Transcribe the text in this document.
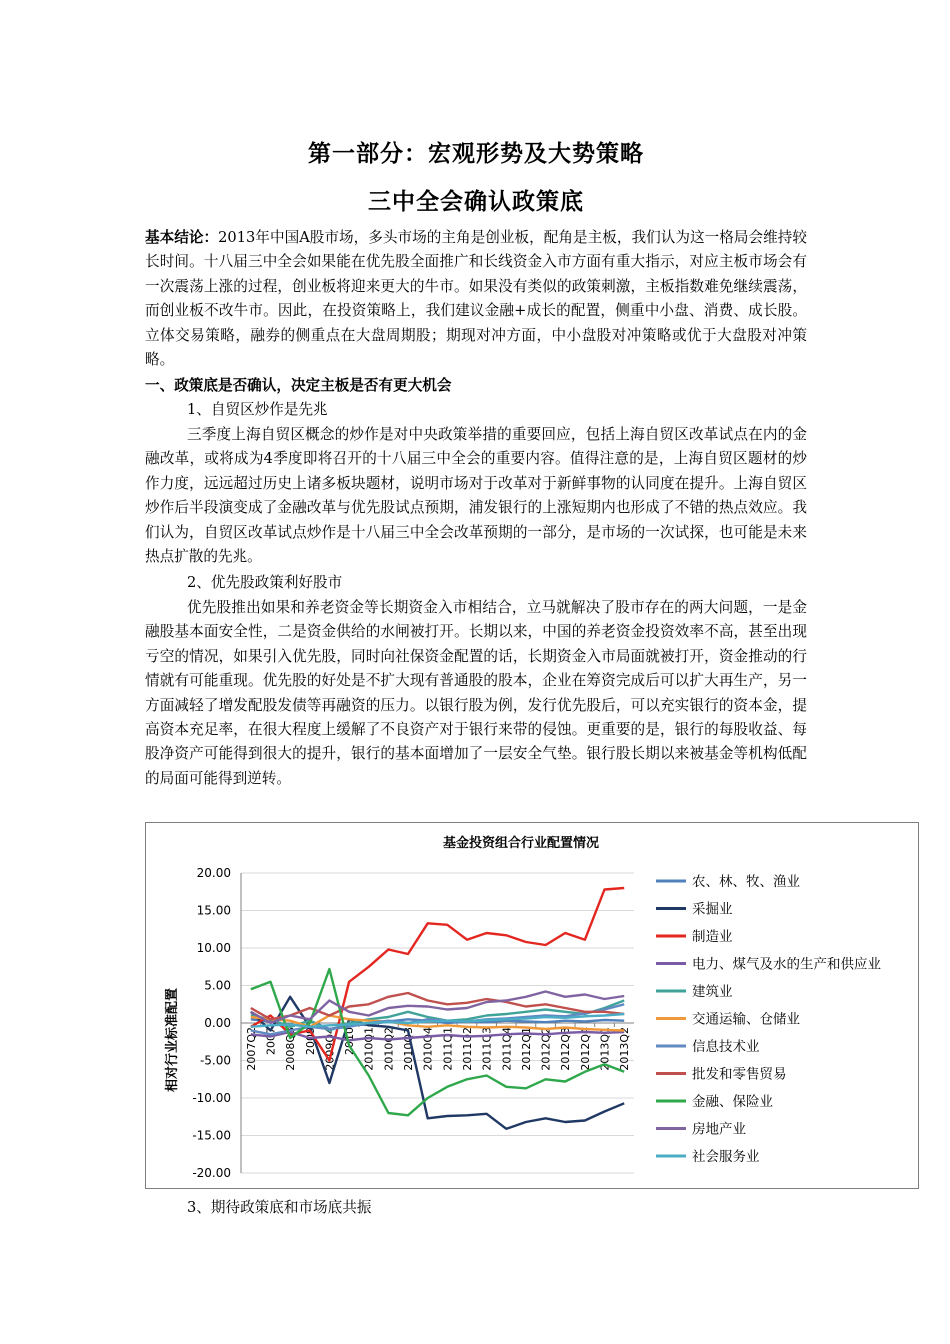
第一部分：宏观形势及大势策略
三中全会确认政策底

基本结论：2013年中国A股市场，多头市场的主角是创业板，配角是主板，我们认为这一格局会维持较长时间。十八届三中全会如果能在优先股全面推广和长线资金入市方面有重大指示，对应主板市场会有一次震荡上涨的过程，创业板将迎来更大的牛市。如果没有类似的政策刺激，主板指数难免继续震荡，而创业板不改牛市。因此，在投资策略上，我们建议金融+成长的配置，侧重中小盘、消费、成长股。立体交易策略，融券的侧重点在大盘周期股；期现对冲方面，中小盘股对冲策略或优于大盘股对冲策略。

一、政策底是否确认，决定主板是否有更大机会
1、自贸区炒作是先兆

三季度上海自贸区概念的炒作是对中央政策举措的重要回应，包括上海自贸区改革试点在内的金融改革，或将成为4季度即将召开的十八届三中全会的重要内容。值得注意的是，上海自贸区题材的炒作力度，远远超过历史上诸多板块题材，说明市场对于改革对于新鲜事物的认同度在提升。上海自贸区炒作后半段演变成了金融改革与优先股试点预期，浦发银行的上涨短期内也形成了不错的热点效应。我们认为，自贸区改革试点炒作是十八届三中全会改革预期的一部分，是市场的一次试探，也可能是未来热点扩散的先兆。

2、优先股政策利好股市

优先股推出如果和养老资金等长期资金入市相结合，立马就解决了股市存在的两大问题，一是金融股基本面安全性，二是资金供给的水闸被打开。长期以来，中国的养老资金投资效率不高，甚至出现亏空的情况，如果引入优先股，同时向社保资金配置的话，长期资金入市局面就被打开，资金推动的行情就有可能重现。优先股的好处是不扩大现有普通股的股本，企业在筹资完成后可以扩大再生产，另一方面减轻了增发配股发债等再融资的压力。以银行股为例，发行优先股后，可以充实银行的资本金，提高资本充足率，在很大程度上缓解了不良资产对于银行来带的侵蚀。更重要的是，银行的每股收益、每股净资产可能得到很大的提升，银行的基本面增加了一层安全气垫。银行股长期以来被基金等机构低配的局面可能得到逆转。

3、期待政策底和市场底共振
基金投资组合行业配置情况
相对行业标准配置
20.00
15.00
10.00
5.00
0.00
-5.00
-10.00
-15.00
-20.00
2007Q2 2007 2008Q3 2009 2009Q4 2010 2010Q1 2010Q2 2010Q3 2010Q4 2011Q1 2011Q2 2011Q3 2011Q4 2012Q1 2012Q2 2012Q3 2012Q4 2013Q1 2013Q2
农、林、牧、渔业
采掘业
制造业
电力、煤气及水的生产和供应业
建筑业
交通运输、仓储业
信息技术业
批发和零售贸易
金融、保险业
房地产业
社会服务业
